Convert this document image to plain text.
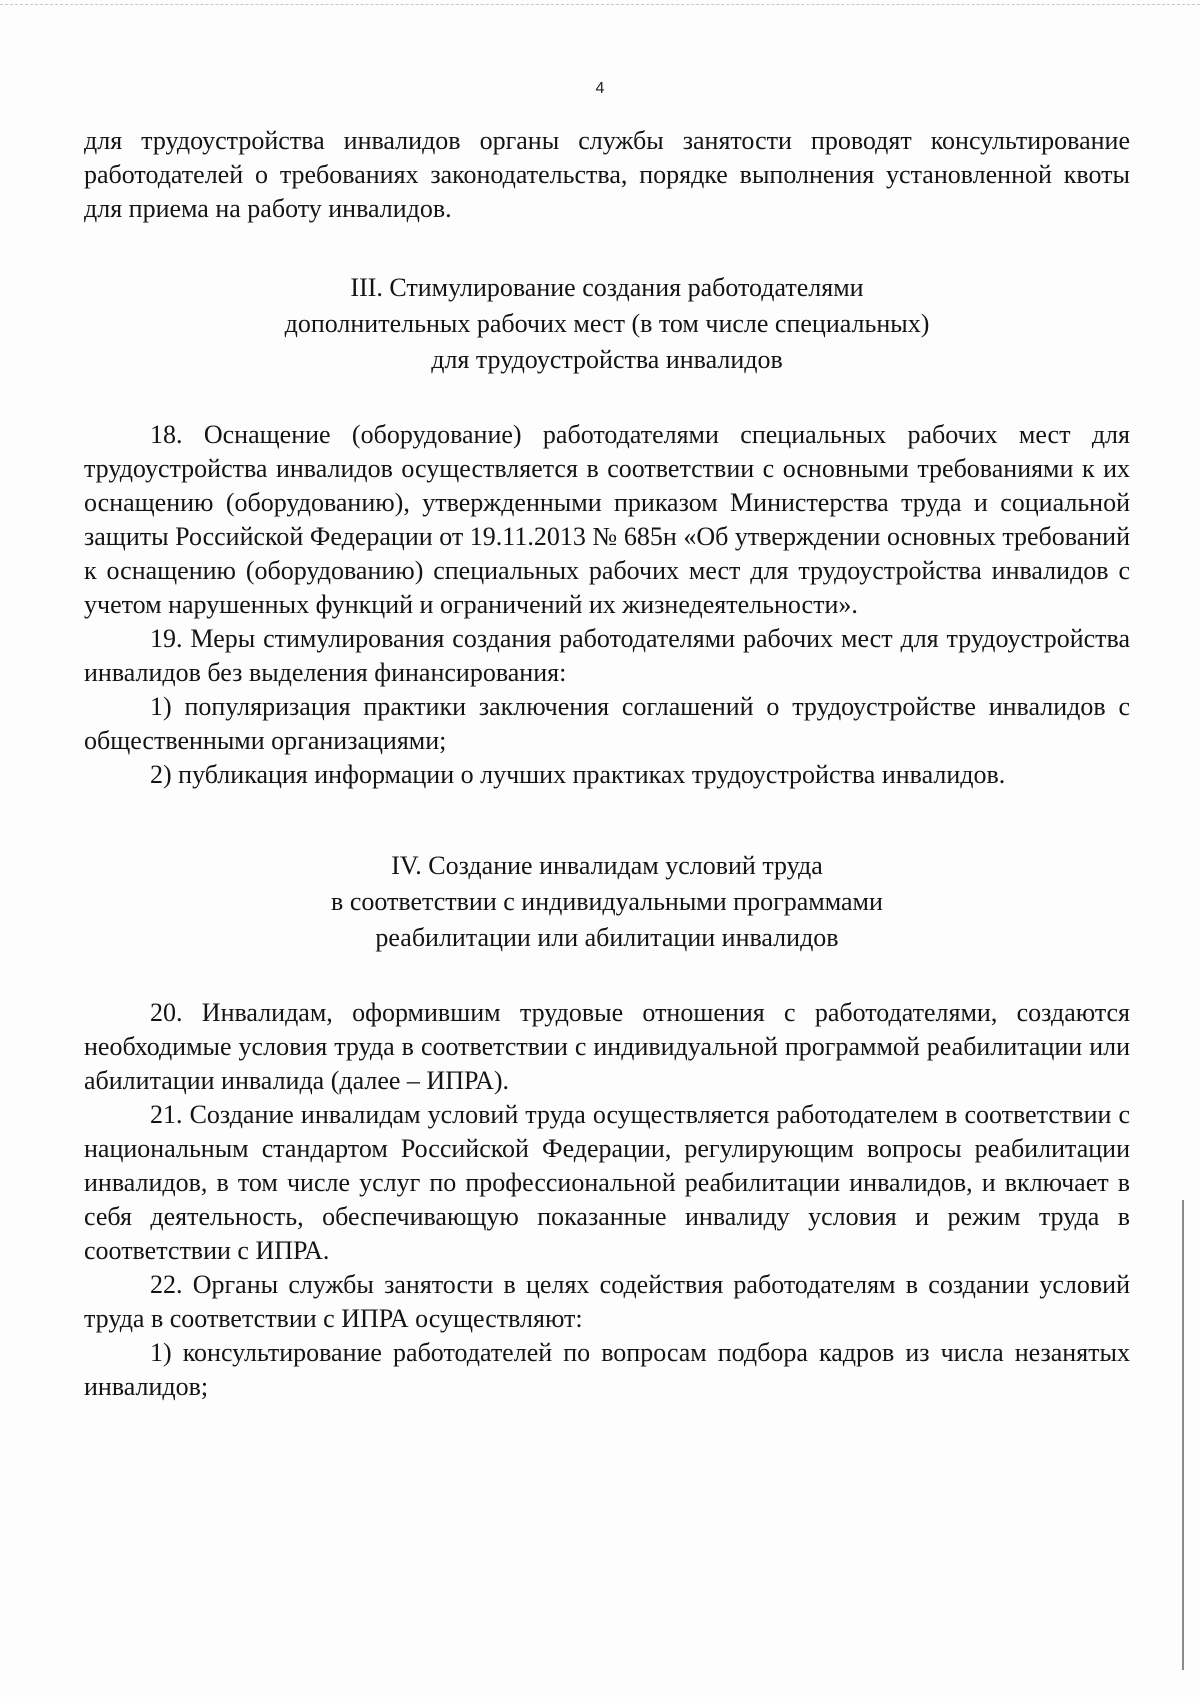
4

для трудоустройства инвалидов органы службы занятости проводят консультирование работодателей о требованиях законодательства, порядке выполнения установленной квоты для приема на работу инвалидов.

III. Стимулирование создания работодателями
дополнительных рабочих мест (в том числе специальных)
для трудоустройства инвалидов

18. Оснащение (оборудование) работодателями специальных рабочих мест для трудоустройства инвалидов осуществляется в соответствии с основными требованиями к их оснащению (оборудованию), утвержденными приказом Министерства труда и социальной защиты Российской Федерации от 19.11.2013 № 685н «Об утверждении основных требований к оснащению (оборудованию) специальных рабочих мест для трудоустройства инвалидов с учетом нарушенных функций и ограничений их жизнедеятельности».

19. Меры стимулирования создания работодателями рабочих мест для трудоустройства инвалидов без выделения финансирования:

1) популяризация практики заключения соглашений о трудоустройстве инвалидов с общественными организациями;

2) публикация информации о лучших практиках трудоустройства инвалидов.

IV. Создание инвалидам условий труда
в соответствии с индивидуальными программами
реабилитации или абилитации инвалидов

20. Инвалидам, оформившим трудовые отношения с работодателями, создаются необходимые условия труда в соответствии с индивидуальной программой реабилитации или абилитации инвалида (далее – ИПРА).

21. Создание инвалидам условий труда осуществляется работодателем в соответствии с национальным стандартом Российской Федерации, регулирующим вопросы реабилитации инвалидов, в том числе услуг по профессиональной реабилитации инвалидов, и включает в себя деятельность, обеспечивающую показанные инвалиду условия и режим труда в соответствии с ИПРА.

22. Органы службы занятости в целях содействия работодателям в создании условий труда в соответствии с ИПРА осуществляют:

1) консультирование работодателей по вопросам подбора кадров из числа незанятых инвалидов;
